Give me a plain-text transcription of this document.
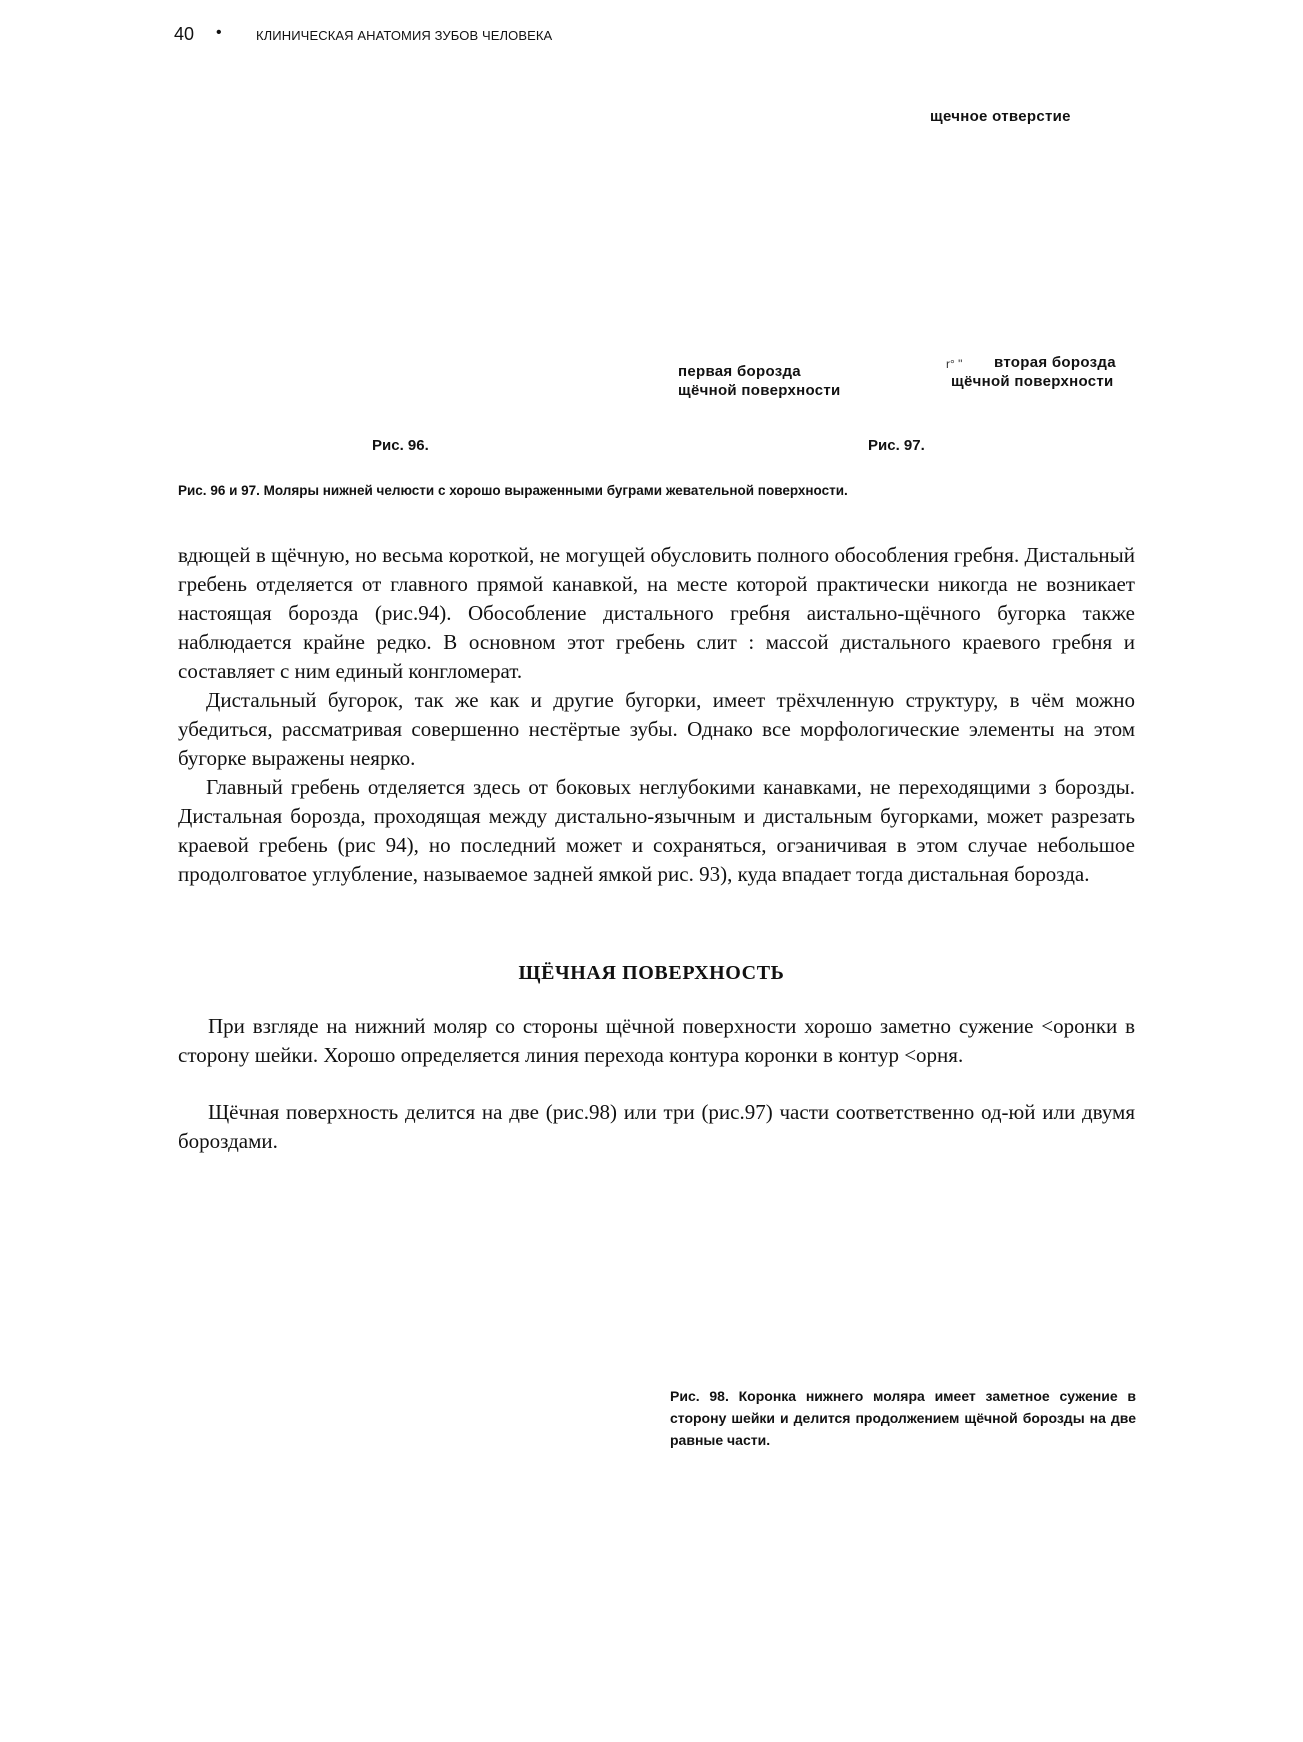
40 •	КЛИНИЧЕСКАЯ АНАТОМИЯ ЗУБОВ ЧЕЛОВЕКА
щечное отверстие
первая борозда
щёчной поверхности
r° " вторая борозда
щёчной поверхности
Рис. 96.	Рис. 97.
Рис. 96 и 97. Моляры нижней челюсти с хорошо выраженными буграми жевательной поверхности.

вдющей в щёчную, но весьма короткой, не могущей обусловить полного обособления гребня. Дистальный гребень отделяется от главного прямой канавкой, на месте которой практически никогда не возникает настоящая борозда (рис.94). Обособление дистального гребня аистально-щёчного бугорка также наблюдается крайне редко. В основном этот гребень слит : массой дистального краевого гребня и составляет с ним единый конгломерат.

Дистальный бугорок, так же как и другие бугорки, имеет трёхчленную структуру, в чём можно убедиться, рассматривая совершенно нестёртые зубы. Однако все морфологические элементы на этом бугорке выражены неярко.

Главный гребень отделяется здесь от боковых неглубокими канавками, не переходящими з борозды. Дистальная борозда, проходящая между дистально-язычным и дистальным бугорками, может разрезать краевой гребень (рис 94), но последний может и сохраняться, огэаничивая в этом случае небольшое продолговатое углубление, называемое задней ямкой рис. 93), куда впадает тогда дистальная борозда.

ЩЁЧНАЯ ПОВЕРХНОСТЬ

При взгляде на нижний моляр со стороны щёчной поверхности хорошо заметно сужение <оронки в сторону шейки. Хорошо определяется линия перехода контура коронки в контур <орня.

Щёчная поверхность делится на две (рис.98) или три (рис.97) части соответственно од-юй или двумя бороздами.

Рис. 98. Коронка нижнего моляра имеет заметное сужение в сторону шейки и делится продолжением щёчной борозды на две равные части.
